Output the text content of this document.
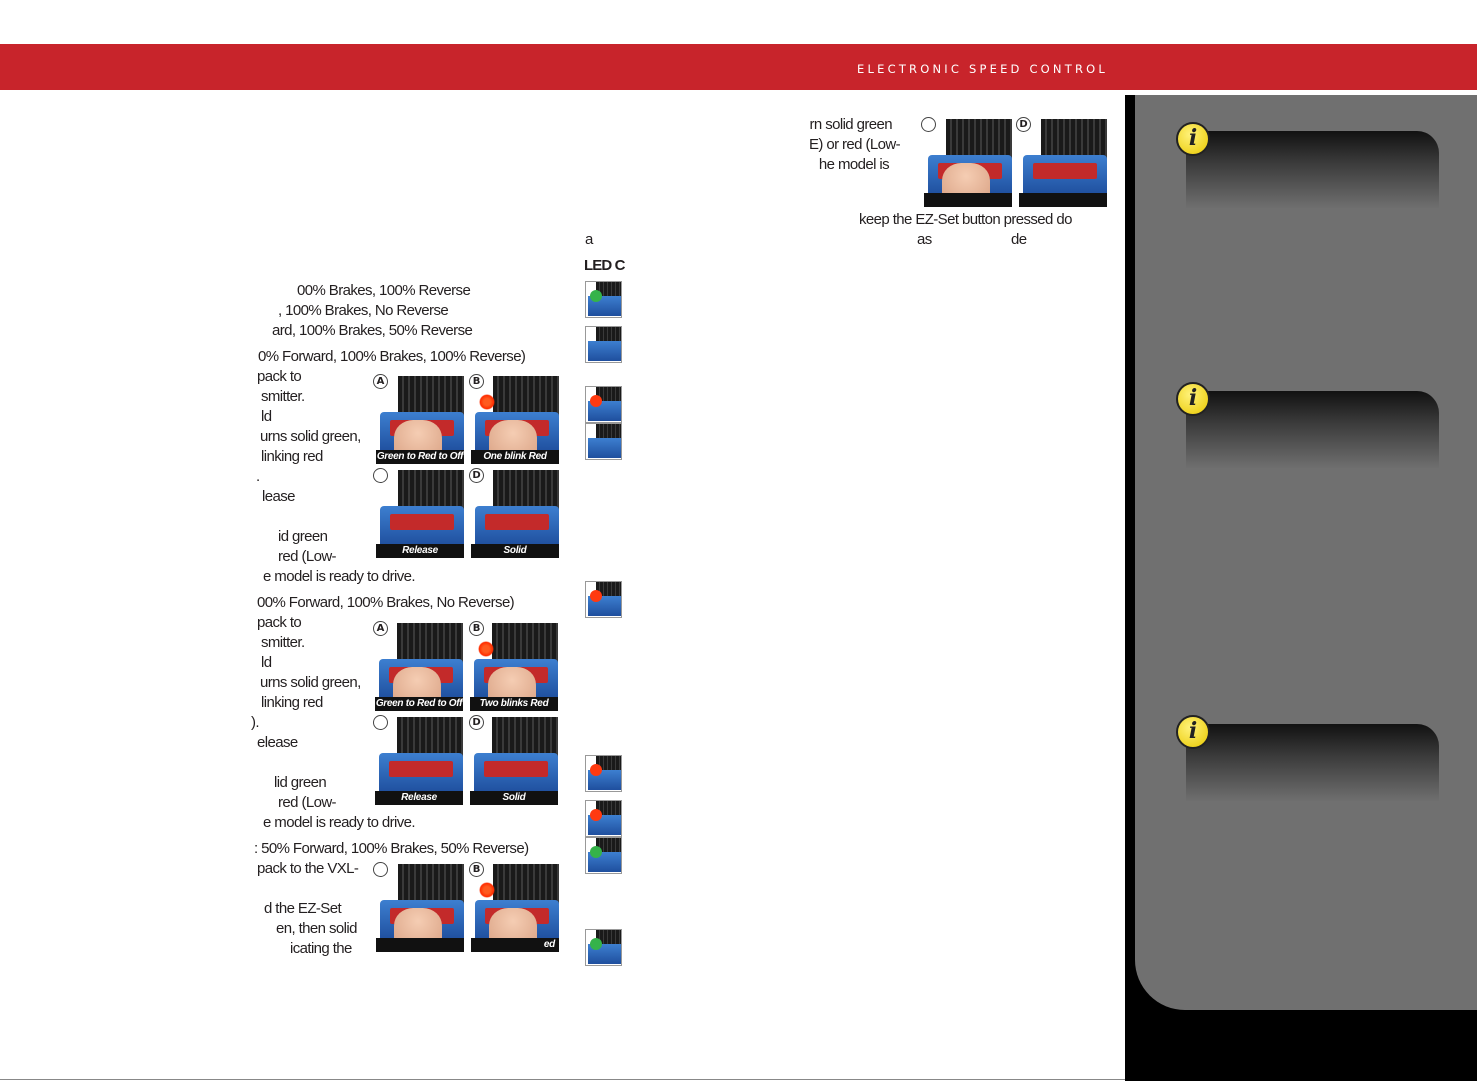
ELECTRONIC SPEED CONTROL
rn solid green
E) or red (Low-
he model is
D
keep the EZ-Set button pressed do
as	de
a
LED C
00% Brakes, 100% Reverse
, 100% Brakes, No Reverse
ard, 100% Brakes, 50% Reverse
0% Forward, 100% Brakes, 100% Reverse)
pack to
smitter.
ld
urns solid green,
linking red
.
lease
id green
red (Low-
e model is ready to drive.
Green to Red to Off
A
One blink Red
B
Release	Solid
D
00% Forward, 100% Brakes, No Reverse)
pack to
smitter.
ld
urns solid green,
linking red
).
elease
lid green
red (Low-
e model is ready to drive.
Green to Red to Off
A
Two blinks Red
B
Release	Solid
D
: 50% Forward, 100% Brakes, 50% Reverse)
pack to the VXL-
d the EZ-Set
en, then solid
icating the	ed
B
i
i
i
